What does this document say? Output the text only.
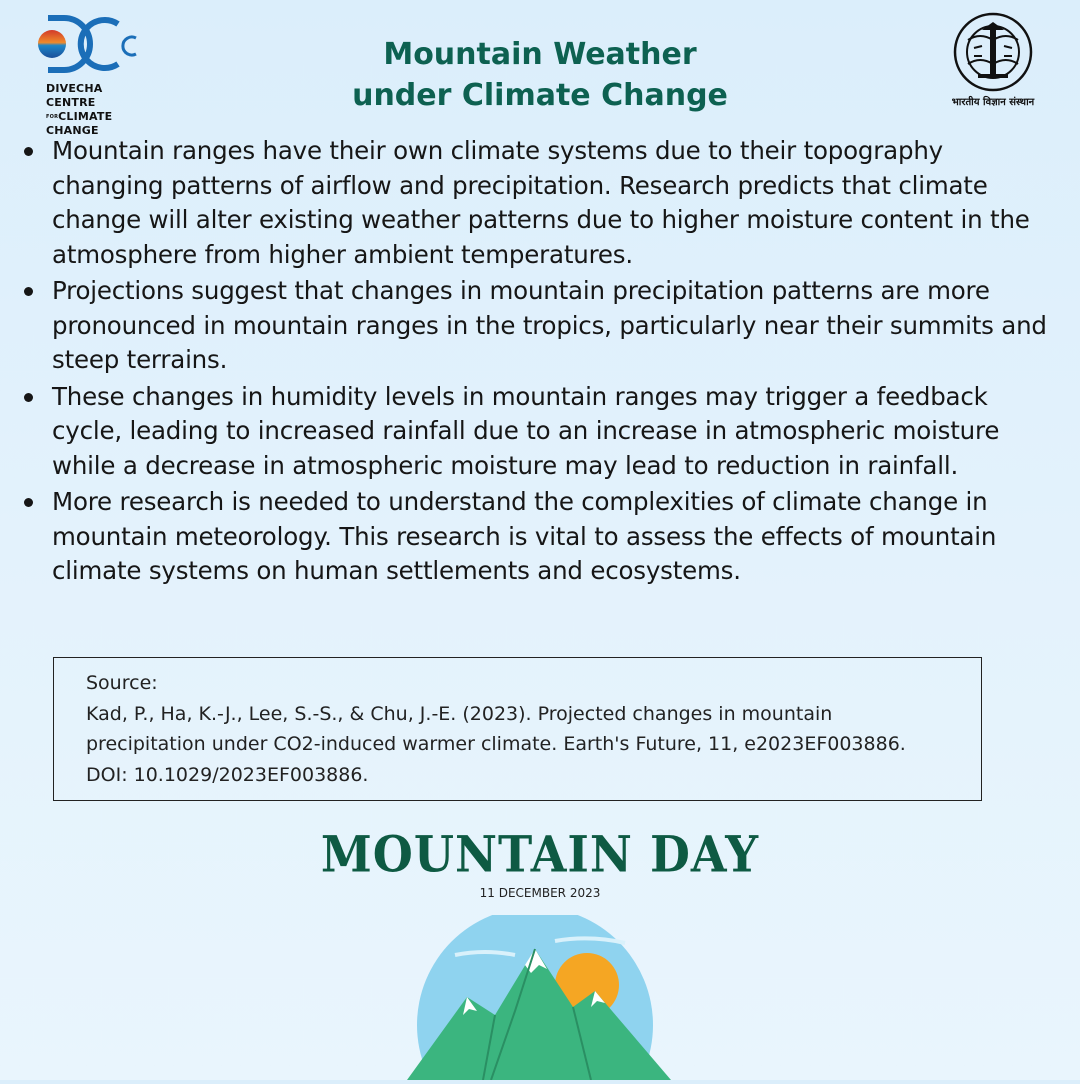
DIVECHA CENTRE
FORCLIMATE CHANGE
Mountain Weather
under Climate Change	भारतीय विज्ञान संस्थान
Mountain ranges have their own climate systems due to their topography changing patterns of airflow and precipitation. Research predicts that climate change will alter existing weather patterns due to higher moisture content in the atmosphere from higher ambient temperatures.
Projections suggest that changes in mountain precipitation patterns are more pronounced in mountain ranges in the tropics, particularly near their summits and steep terrains.
These changes in humidity levels in mountain ranges may trigger a feedback cycle, leading to increased rainfall due to an increase in atmospheric moisture while a decrease in atmospheric moisture may lead to reduction in rainfall.
More research is needed to understand the complexities of climate change in mountain meteorology. This research is vital to assess the effects of mountain climate systems on human settlements and ecosystems.

Source:

Kad, P., Ha, K.-J., Lee, S.-S., & Chu, J.-E. (2023). Projected changes in mountain precipitation under CO2-induced warmer climate. Earth's Future, 11, e2023EF003886. DOI: 10.1029/2023EF003886.

MOUNTAIN DAY
11 DECEMBER 2023
